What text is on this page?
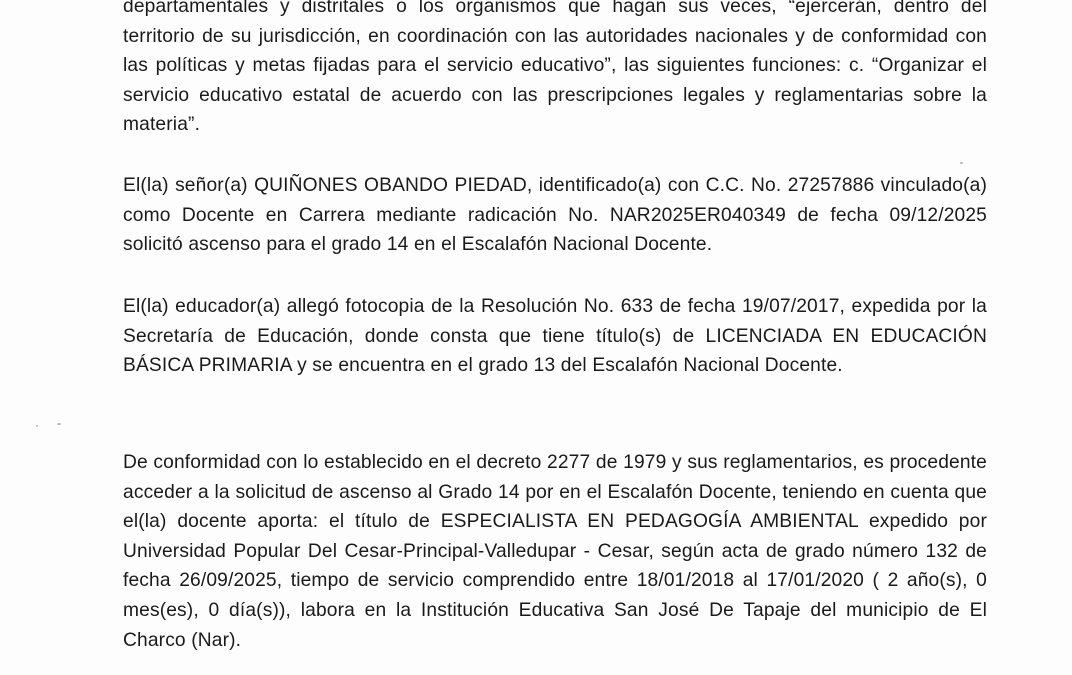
departamentales y distritales o los organismos que hagan sus veces, “ejercerán, dentro del territorio de su jurisdicción, en coordinación con las autoridades nacionales y de conformidad con las políticas y metas fijadas para el servicio educativo”, las siguientes funciones: c. “Organizar el servicio educativo estatal de acuerdo con las prescripciones legales y reglamentarias sobre la materia”.

El(la) señor(a) QUIÑONES OBANDO PIEDAD, identificado(a) con C.C. No. 27257886 vinculado(a) como Docente en Carrera mediante radicación No. NAR2025ER040349 de fecha 09/12/2025 solicitó ascenso para el grado 14 en el Escalafón Nacional Docente.

El(la) educador(a) allegó fotocopia de la Resolución No. 633 de fecha 19/07/2017, expedida por la Secretaría de Educación, donde consta que tiene título(s) de LICENCIADA EN EDUCACIÓN BÁSICA PRIMARIA y se encuentra en el grado 13 del Escalafón Nacional Docente.

De conformidad con lo establecido en el decreto 2277 de 1979 y sus reglamentarios, es procedente acceder a la solicitud de ascenso al Grado 14 por en el Escalafón Docente, teniendo en cuenta que el(la) docente aporta: el título de ESPECIALISTA EN PEDAGOGÍA AMBIENTAL expedido por Universidad Popular Del Cesar-Principal-Valledupar - Cesar, según acta de grado número 132 de fecha 26/09/2025, tiempo de servicio comprendido entre 18/01/2018 al 17/01/2020 ( 2 año(s), 0 mes(es), 0 día(s)), labora en la Institución Educativa San José De Tapaje del municipio de El Charco (Nar).
